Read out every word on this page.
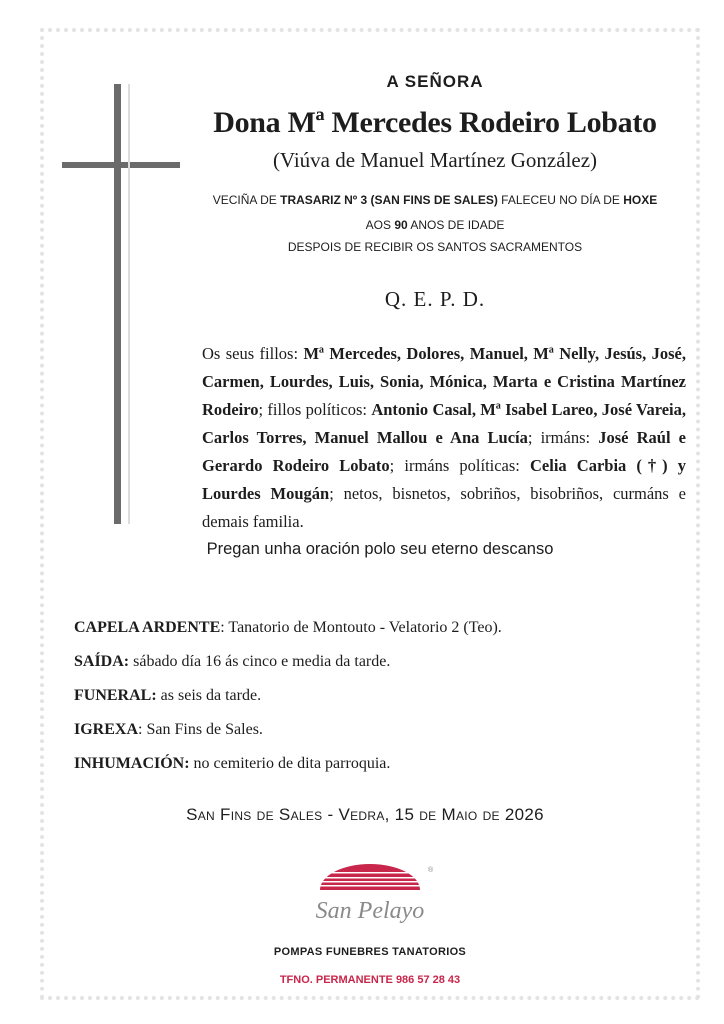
A SEÑORA
Dona Mª Mercedes Rodeiro Lobato
(Viúva de Manuel Martínez González)
VECIÑA DE TRASARIZ Nº 3 (SAN FINS DE SALES) FALECEU NO DÍA DE HOXE
AOS 90 ANOS DE IDADE
DESPOIS DE RECIBIR OS SANTOS SACRAMENTOS
Q. E. P. D.
Os seus fillos: Mª Mercedes, Dolores, Manuel, Mª Nelly, Jesús, José, Carmen, Lourdes, Luis, Sonia, Mónica, Marta e Cristina Martínez Rodeiro; fillos políticos: Antonio Casal, Mª Isabel Lareo, José Vareia, Carlos Torres, Manuel Mallou e Ana Lucía; irmáns: José Raúl e Gerardo Rodeiro Lobato; irmáns políticas: Celia Carbia (†) y Lourdes Mougán; netos, bisnetos, sobriños, bisobriños, curmáns e demais familia.
Pregan unha oración polo seu eterno descanso
CAPELA ARDENTE: Tanatorio de Montouto - Velatorio 2 (Teo).
SAÍDA: sábado día 16 ás cinco e media da tarde.
FUNERAL: as seis da tarde.
IGREXA: San Fins de Sales.
INHUMACIÓN: no cemiterio de dita parroquia.
San Fins de Sales - Vedra, 15 de Maio de 2026
San Pelayo
®
POMPAS FUNEBRES TANATORIOS
TFNO. PERMANENTE 986 57 28 43
